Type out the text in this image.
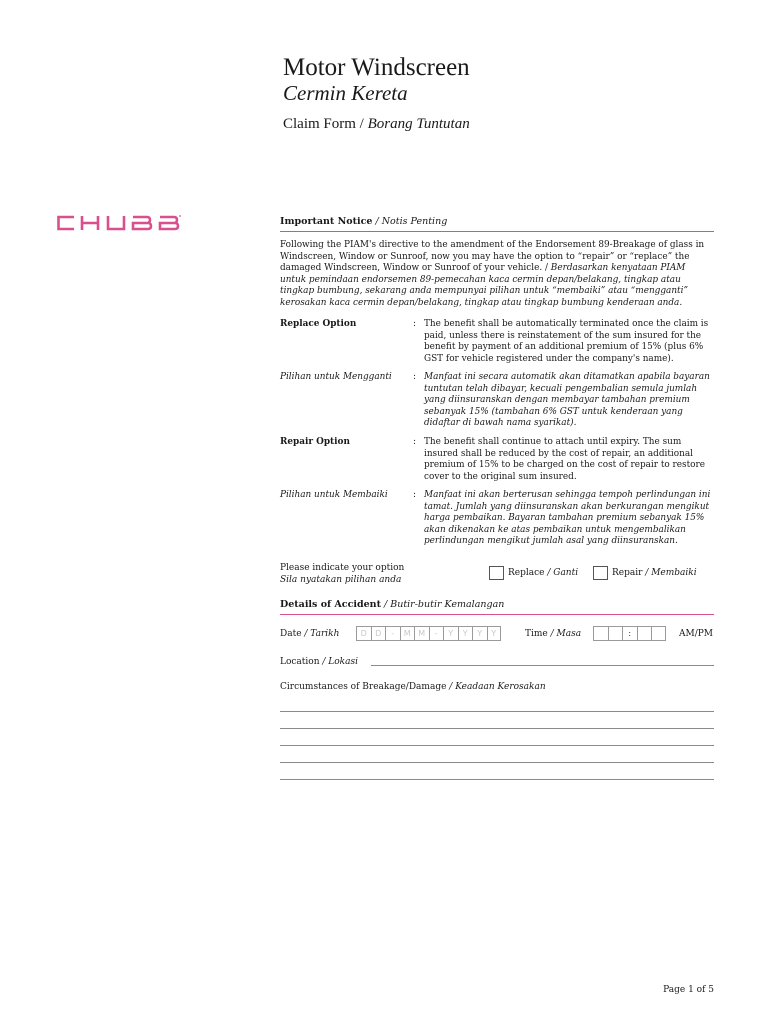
Motor Windscreen
Cermin Kereta
Claim Form / Borang Tuntutan
Important Notice / Notis Penting
Following the PIAM's directive to the amendment of the Endorsement 89-Breakage of glass in Windscreen, Window or Sunroof, now you may have the option to “repair” or “replace” the damaged Windscreen, Window or Sunroof of your vehicle. / Berdasarkan kenyataan PIAM untuk pemindaan endorsemen 89-pemecahan kaca cermin depan/belakang, tingkap atau tingkap bumbung, sekarang anda mempunyai pilihan untuk “membaiki” atau “mengganti” kerosakan kaca cermin depan/belakang, tingkap atau tingkap bumbung kenderaan anda.
Replace Option	: The benefit shall be automatically terminated once the claim is paid, unless there is reinstatement of the sum insured for the benefit by payment of an additional premium of 15% (plus 6% GST for vehicle registered under the company's name).
Pilihan untuk Mengganti : Manfaat ini secara automatik akan ditamatkan apabila bayaran tuntutan telah dibayar, kecuali pengembalian semula jumlah yang diinsuranskan dengan membayar tambahan premium sebanyak 15% (tambahan 6% GST untuk kenderaan yang didaftar di bawah nama syarikat).
Repair Option	: The benefit shall continue to attach until expiry. The sum insured shall be reduced by the cost of repair, an additional premium of 15% to be charged on the cost of repair to restore cover to the original sum insured.
Pilihan untuk Membaiki	: Manfaat ini akan berterusan sehingga tempoh perlindungan ini tamat. Jumlah yang diinsuranskan akan berkurangan mengikut harga pembaikan. Bayaran tambahan premium sebanyak 15% akan dikenakan ke atas pembaikan untuk mengembalikan perlindungan mengikut jumlah asal yang diinsuranskan.
Please indicate your option
Sila nyatakan pilihan anda
Replace / Ganti	Repair / Membaiki
Details of Accident / Butir-butir Kemalangan
Date / Tarikh	D	D	-	M M	-	Y	Y	Y	Y	Time / Masa	:	AM/PM
Location / Lokasi
Circumstances of Breakage/Damage / Keadaan Kerosakan
Page 1 of 5
